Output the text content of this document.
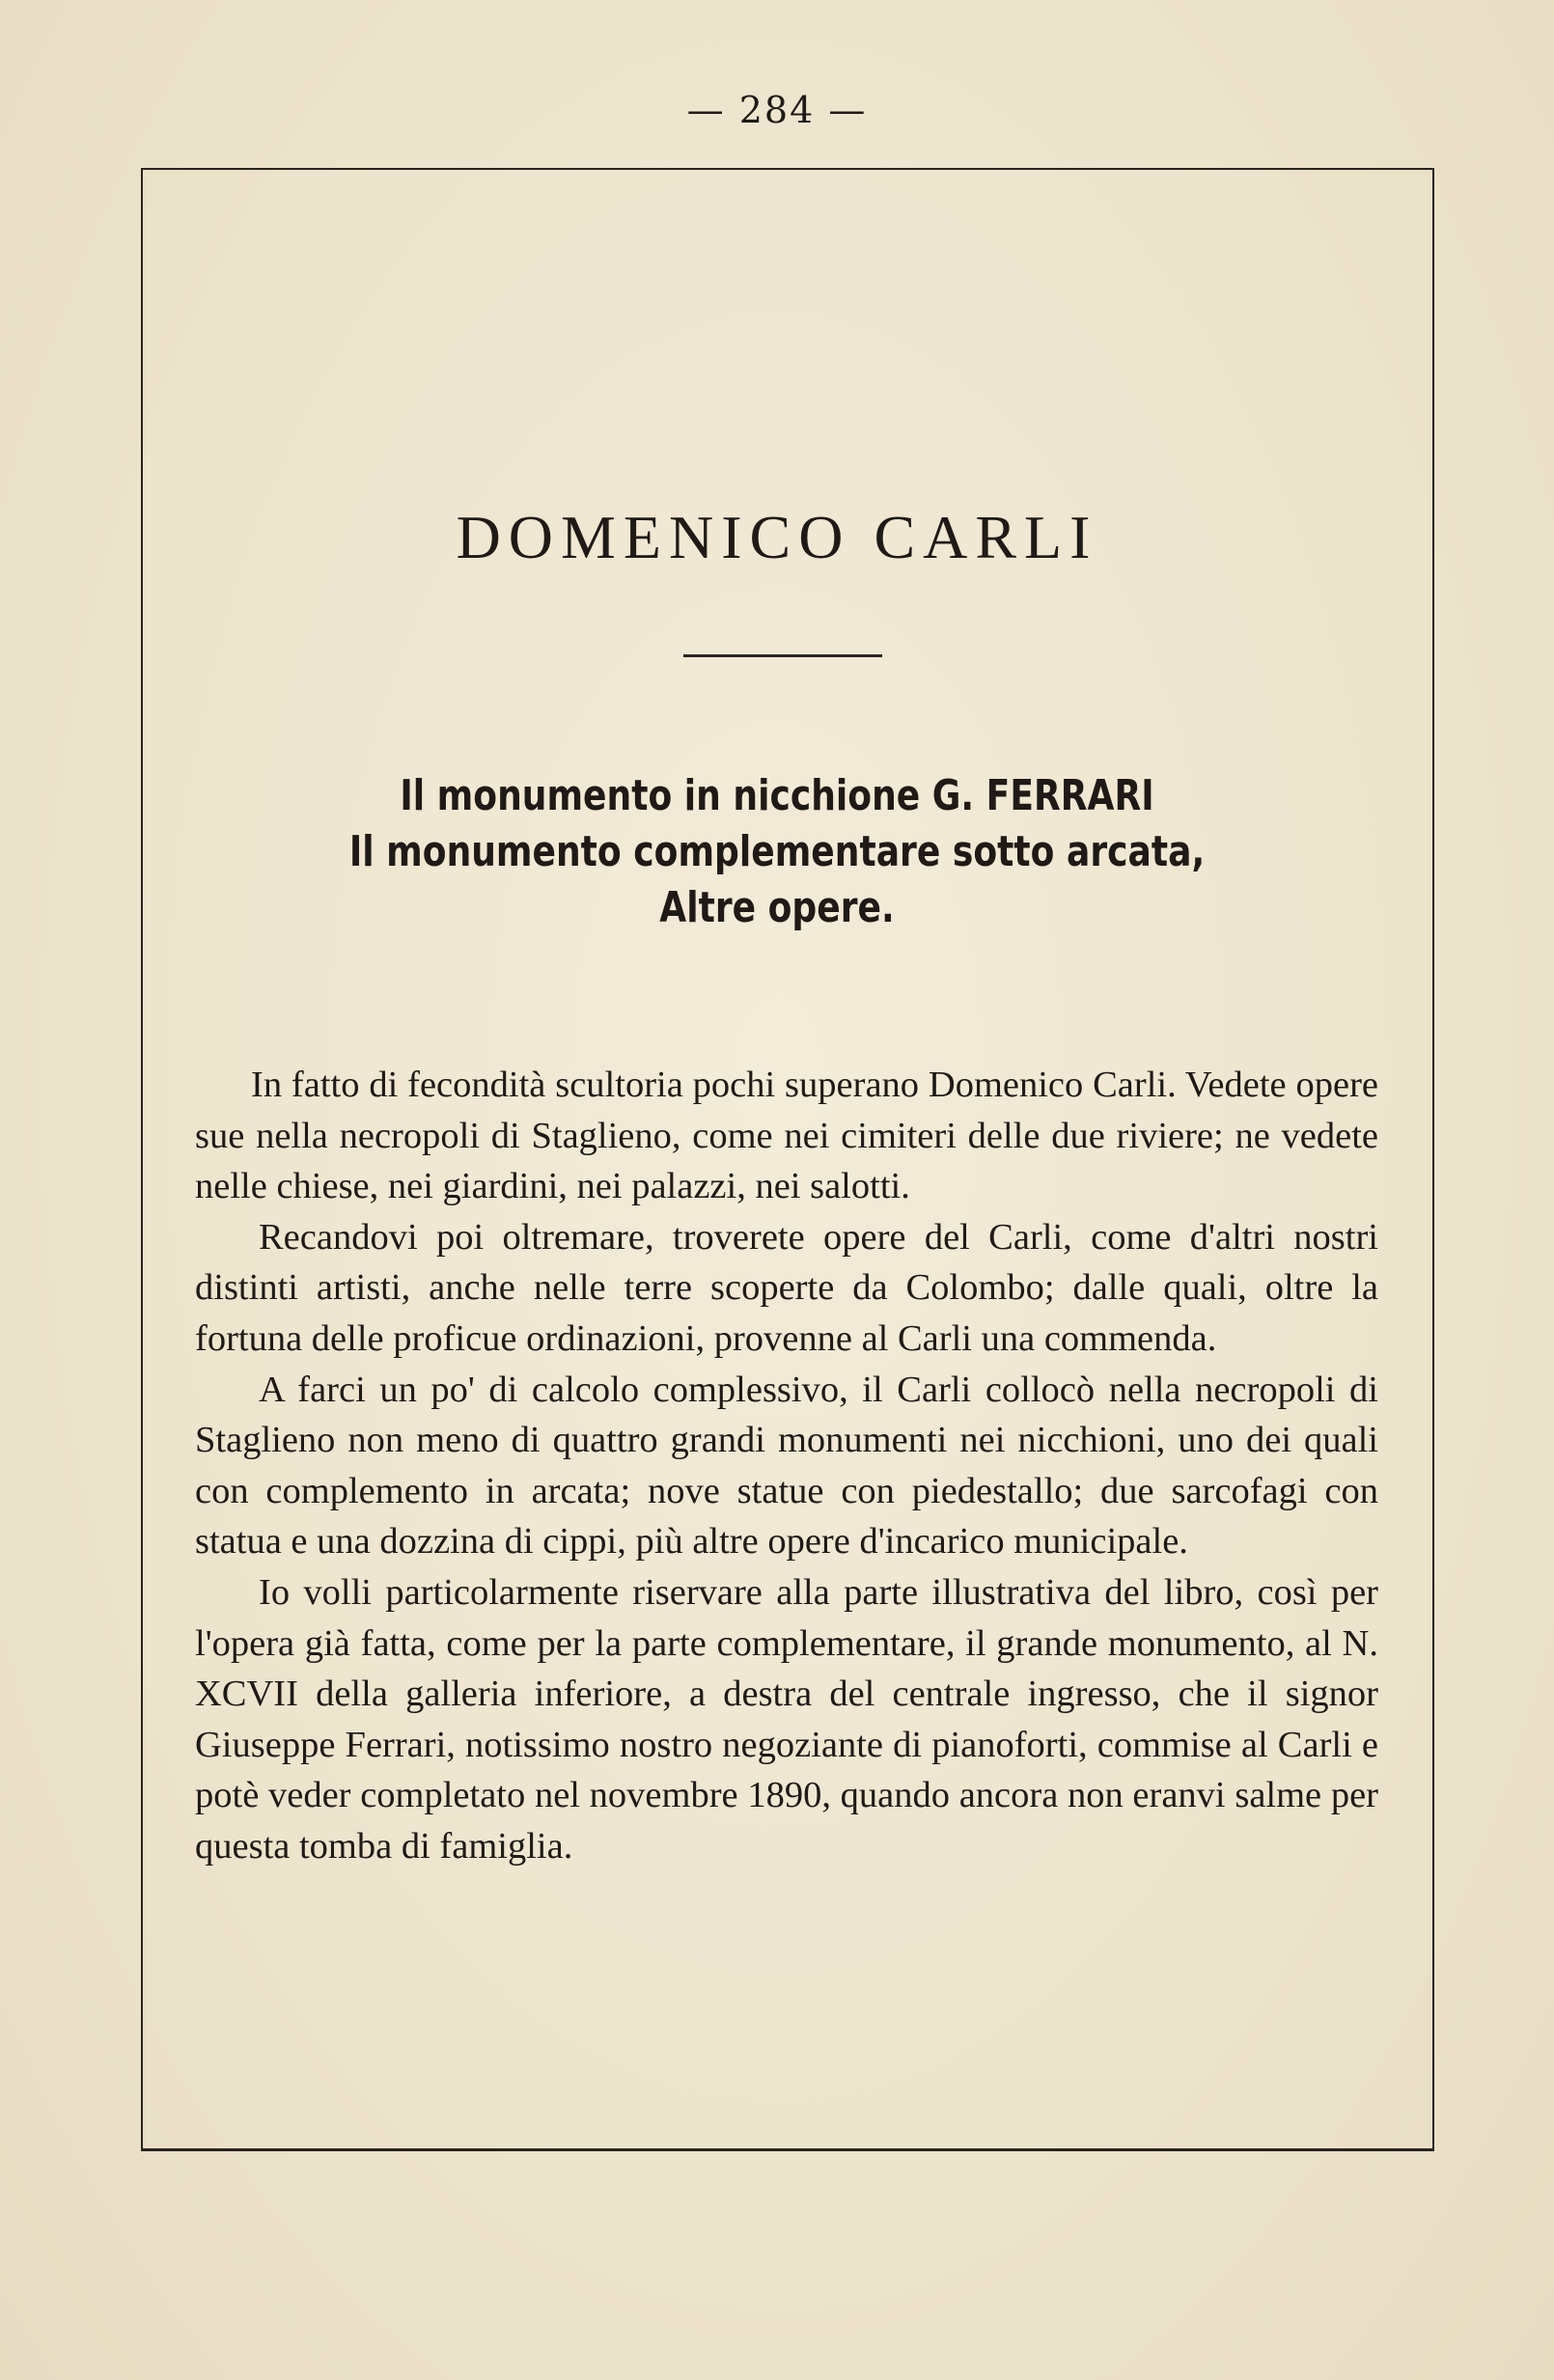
— 284 —
DOMENICO CARLI
Il monumento in nicchione G. FERRARI
Il monumento complementare sotto arcata,
Altre opere.

In fatto di fecondità scultoria pochi superano Domenico Carli. Vedete opere sue nella necropoli di Staglieno, come nei cimiteri delle due riviere; ne vedete nelle chiese, nei giardini, nei palazzi, nei salotti.

Recandovi poi oltremare, troverete opere del Carli, come d'altri nostri distinti artisti, anche nelle terre scoperte da Colombo; dalle quali, oltre la fortuna delle proficue ordinazioni, provenne al Carli una commenda.

A farci un po' di calcolo complessivo, il Carli collocò nella necropoli di Staglieno non meno di quattro grandi monumenti nei nicchioni, uno dei quali con complemento in arcata; nove statue con piedestallo; due sarcofagi con statua e una dozzina di cippi, più altre opere d'incarico municipale.

Io volli particolarmente riservare alla parte illustrativa del libro, così per l'opera già fatta, come per la parte complementare, il grande monumento, al N. XCVII della galleria inferiore, a destra del centrale ingresso, che il signor Giuseppe Ferrari, notissimo nostro negoziante di pianoforti, commise al Carli e potè veder completato nel novembre 1890, quando ancora non eranvi salme per questa tomba di famiglia.
